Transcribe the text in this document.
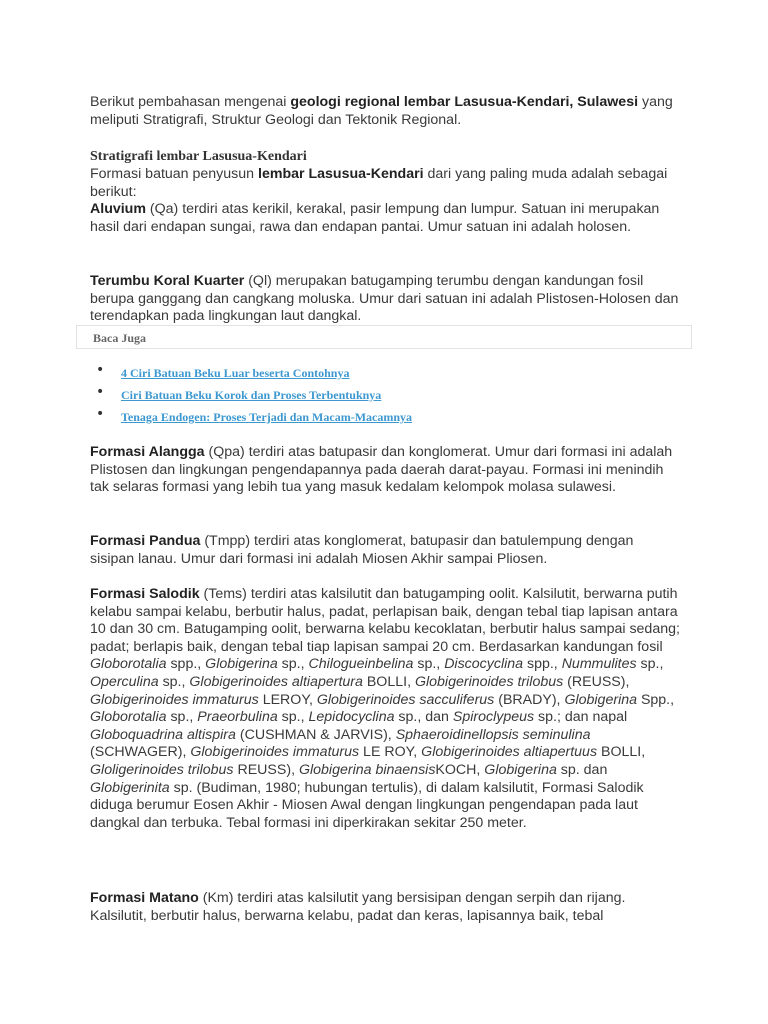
Berikut pembahasan mengenai geologi regional lembar Lasusua-Kendari, Sulawesi yang meliputi Stratigrafi, Struktur Geologi dan Tektonik Regional.

Stratigrafi lembar Lasusua-Kendari

Formasi batuan penyusun lembar Lasusua-Kendari dari yang paling muda adalah sebagai berikut:
Aluvium (Qa) terdiri atas kerikil, kerakal, pasir lempung dan lumpur. Satuan ini merupakan hasil dari endapan sungai, rawa dan endapan pantai. Umur satuan ini adalah holosen.

Terumbu Koral Kuarter (Ql) merupakan batugamping terumbu dengan kandungan fosil berupa ganggang dan cangkang moluska. Umur dari satuan ini adalah Plistosen-Holosen dan terendapkan pada lingkungan laut dangkal.

Baca Juga
• 4 Ciri Batuan Beku Luar beserta Contohnya
• Ciri Batuan Beku Korok dan Proses Terbentuknya
• Tenaga Endogen: Proses Terjadi dan Macam-Macamnya

Formasi Alangga (Qpa) terdiri atas batupasir dan konglomerat. Umur dari formasi ini adalah Plistosen dan lingkungan pengendapannya pada daerah darat-payau. Formasi ini menindih tak selaras formasi yang lebih tua yang masuk kedalam kelompok molasa sulawesi.

Formasi Pandua (Tmpp) terdiri atas konglomerat, batupasir dan batulempung dengan sisipan lanau. Umur dari formasi ini adalah Miosen Akhir sampai Pliosen.

Formasi Salodik (Tems) terdiri atas kalsilutit dan batugamping oolit. Kalsilutit, berwarna putih kelabu sampai kelabu, berbutir halus, padat, perlapisan baik, dengan tebal tiap lapisan antara 10 dan 30 cm. Batugamping oolit, berwarna kelabu kecoklatan, berbutir halus sampai sedang; padat; berlapis baik, dengan tebal tiap lapisan sampai 20 cm. Berdasarkan kandungan fosil Globorotalia spp., Globigerina sp., Chilogueinbelina sp., Discocyclina spp., Nummulites sp., Operculina sp., Globigerinoides altiapertura BOLLI, Globigerinoides trilobus (REUSS), Globigerinoides immaturus LEROY, Globigerinoides sacculiferus (BRADY), Globigerina Spp., Globorotalia sp., Praeorbulina sp., Lepidocyclina sp., dan Spiroclypeus sp.; dan napal Globoquadrina altispira (CUSHMAN & JARVIS), Sphaeroidinellopsis seminulina (SCHWAGER), Globigerinoides immaturus LE ROY, Globigerinoides altiapertuus BOLLI, Gloligerinoides trilobus REUSS), Globigerina binaensisKOCH, Globigerina sp. dan Globigerinita sp. (Budiman, 1980; hubungan tertulis), di dalam kalsilutit, Formasi Salodik diduga berumur Eosen Akhir - Miosen Awal dengan lingkungan pengendapan pada laut dangkal dan terbuka. Tebal formasi ini diperkirakan sekitar 250 meter.

Formasi Matano (Km) terdiri atas kalsilutit yang bersisipan dengan serpih dan rijang. Kalsilutit, berbutir halus, berwarna kelabu, padat dan keras, lapisannya baik, tebal
